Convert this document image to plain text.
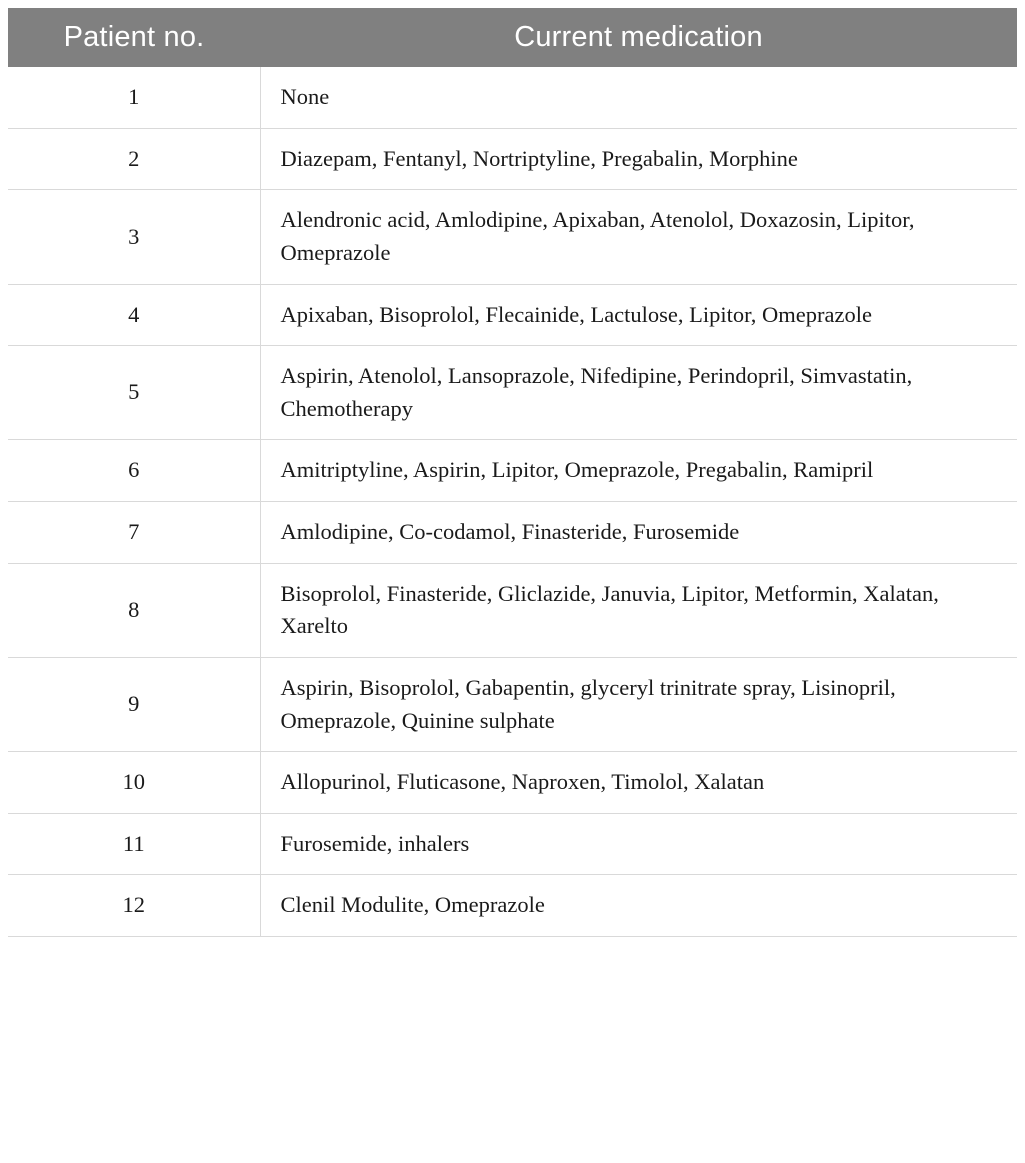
Patient no.	Current medication
1	None
2	Diazepam, Fentanyl, Nortriptyline, Pregabalin, Morphine
3	Alendronic acid, Amlodipine, Apixaban, Atenolol, Doxazosin, Lipitor, Omeprazole
4	Apixaban, Bisoprolol, Flecainide, Lactulose, Lipitor, Omeprazole
5	Aspirin, Atenolol, Lansoprazole, Nifedipine, Perindopril, Simvastatin, Chemotherapy
6	Amitriptyline, Aspirin, Lipitor, Omeprazole, Pregabalin, Ramipril
7	Amlodipine, Co-codamol, Finasteride, Furosemide
8	Bisoprolol, Finasteride, Gliclazide, Januvia, Lipitor, Metformin, Xalatan, Xarelto
9	Aspirin, Bisoprolol, Gabapentin, glyceryl trinitrate spray, Lisinopril, Omeprazole, Quinine sulphate
10	Allopurinol, Fluticasone, Naproxen, Timolol, Xalatan
11	Furosemide, inhalers
12	Clenil Modulite, Omeprazole
